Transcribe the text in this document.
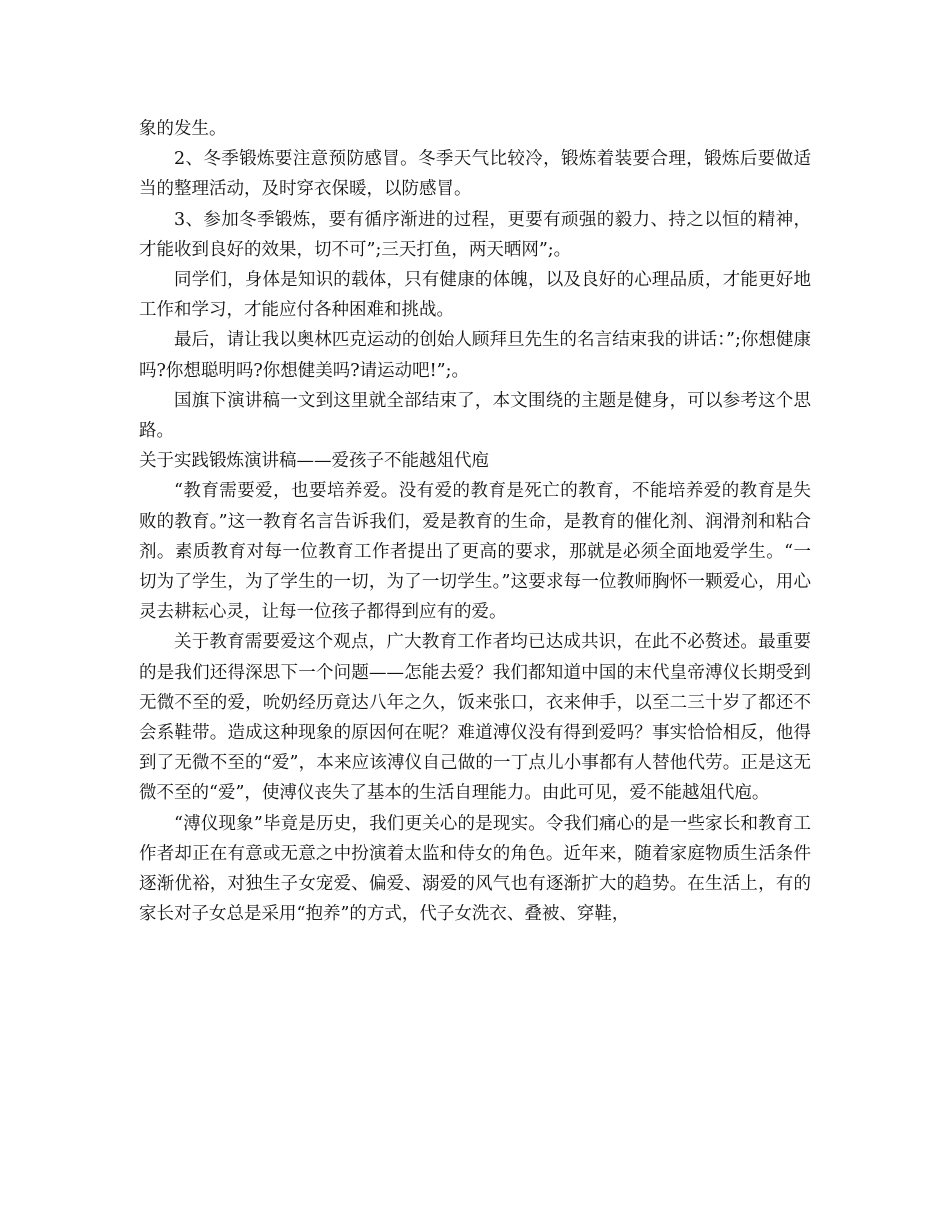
象的发生。

2、冬季锻炼要注意预防感冒。冬季天气比较冷，锻炼着装要合理，锻炼后要做适当的整理活动，及时穿衣保暖，以防感冒。

3、参加冬季锻炼，要有循序渐进的过程，更要有顽强的毅力、持之以恒的精神，才能收到良好的效果，切不可”;三天打鱼，两天晒网”;。

同学们，身体是知识的载体，只有健康的体魄，以及良好的心理品质，才能更好地工作和学习，才能应付各种困难和挑战。

最后，请让我以奥林匹克运动的创始人顾拜旦先生的名言结束我的讲话：”;你想健康吗?你想聪明吗?你想健美吗?请运动吧!”;。

国旗下演讲稿一文到这里就全部结束了，本文围绕的主题是健身，可以参考这个思路。

关于实践锻炼演讲稿——爱孩子不能越俎代庖

“教育需要爱，也要培养爱。没有爱的教育是死亡的教育，不能培养爱的教育是失败的教育。”这一教育名言告诉我们，爱是教育的生命，是教育的催化剂、润滑剂和粘合剂。素质教育对每一位教育工作者提出了更高的要求，那就是必须全面地爱学生。“一切为了学生，为了学生的一切，为了一切学生。”这要求每一位教师胸怀一颗爱心，用心灵去耕耘心灵，让每一位孩子都得到应有的爱。

关于教育需要爱这个观点，广大教育工作者均已达成共识，在此不必赘述。最重要的是我们还得深思下一个问题——怎能去爱？我们都知道中国的末代皇帝溥仪长期受到无微不至的爱，吮奶经历竟达八年之久，饭来张口，衣来伸手，以至二三十岁了都还不会系鞋带。造成这种现象的原因何在呢？难道溥仪没有得到爱吗？事实恰恰相反，他得到了无微不至的“爱”，本来应该溥仪自己做的一丁点儿小事都有人替他代劳。正是这无微不至的“爱”，使溥仪丧失了基本的生活自理能力。由此可见，爱不能越俎代庖。

“溥仪现象”毕竟是历史，我们更关心的是现实。令我们痛心的是一些家长和教育工作者却正在有意或无意之中扮演着太监和侍女的角色。近年来，随着家庭物质生活条件逐渐优裕，对独生子女宠爱、偏爱、溺爱的风气也有逐渐扩大的趋势。在生活上，有的家长对子女总是采用“抱养”的方式，代子女洗衣、叠被、穿鞋，
